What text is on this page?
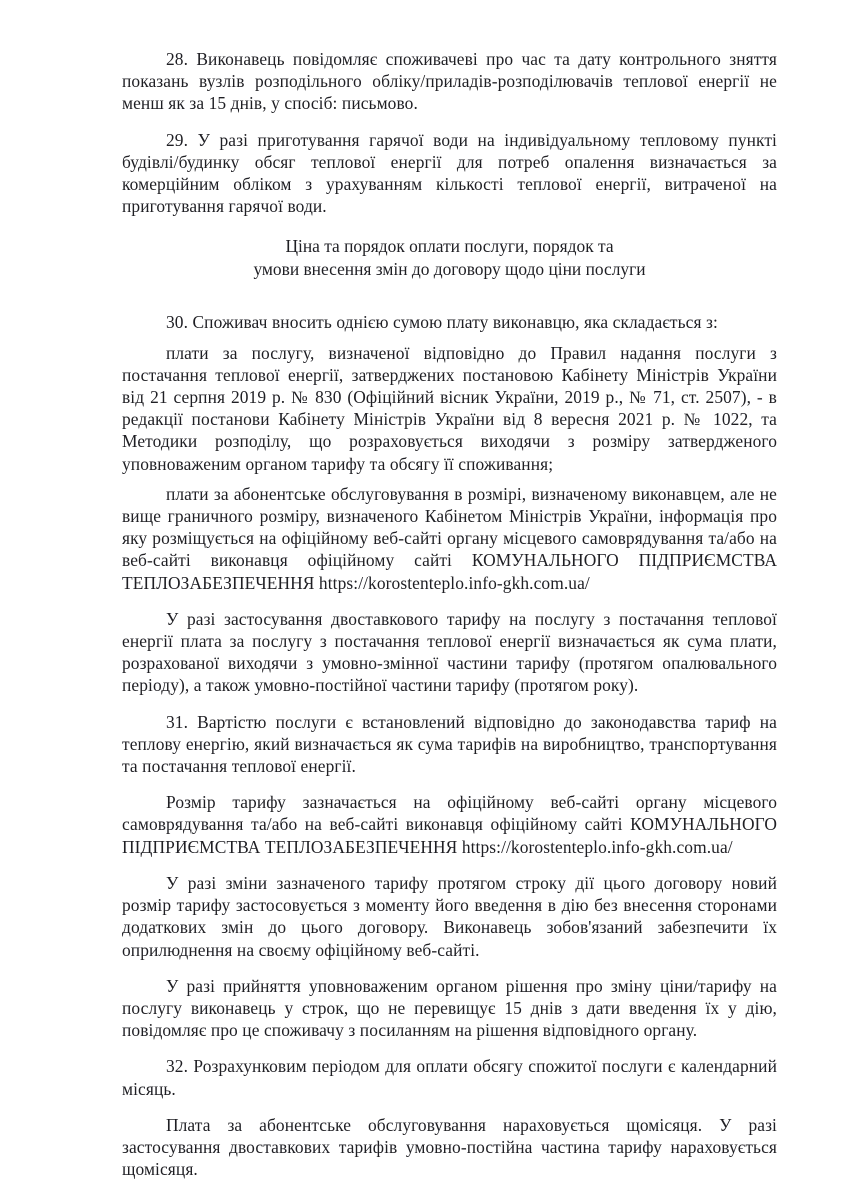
28. Виконавець повідомляє споживачеві про час та дату контрольного зняття показань вузлів розподільного обліку/приладів-розподілювачів теплової енергії не менш як за 15 днів, у спосіб: письмово.

29. У разі приготування гарячої води на індивідуальному тепловому пункті будівлі/будинку обсяг теплової енергії для потреб опалення визначається за комерційним обліком з урахуванням кількості теплової енергії, витраченої на приготування гарячої води.

Ціна та порядок оплати послуги, порядок та
умови внесення змін до договору щодо ціни послуги

30. Споживач вносить однією сумою плату виконавцю, яка складається з:

плати за послугу, визначеної відповідно до Правил надання послуги з постачання теплової енергії, затверджених постановою Кабінету Міністрів України від 21 серпня 2019 р. № 830 (Офіційний вісник України, 2019 р., № 71, ст. 2507), - в редакції постанови Кабінету Міністрів України від 8 вересня 2021 р. № 1022, та Методики розподілу, що розраховується виходячи з розміру затвердженого уповноваженим органом тарифу та обсягу її споживання;

плати за абонентське обслуговування в розмірі, визначеному виконавцем, але не вище граничного розміру, визначеного Кабінетом Міністрів України, інформація про яку розміщується на офіційному веб-сайті органу місцевого самоврядування та/або на веб-сайті виконавця офіційному сайті КОМУНАЛЬНОГО ПІДПРИЄМСТВА ТЕПЛОЗАБЕЗПЕЧЕННЯ https://korostenteplo.info-gkh.com.ua/

У разі застосування двоставкового тарифу на послугу з постачання теплової енергії плата за послугу з постачання теплової енергії визначається як сума плати, розрахованої виходячи з умовно-змінної частини тарифу (протягом опалювального періоду), а також умовно-постійної частини тарифу (протягом року).

31. Вартістю послуги є встановлений відповідно до законодавства тариф на теплову енергію, який визначається як сума тарифів на виробництво, транспортування та постачання теплової енергії.

Розмір тарифу зазначається на офіційному веб-сайті органу місцевого самоврядування та/або на веб-сайті виконавця офіційному сайті КОМУНАЛЬНОГО ПІДПРИЄМСТВА ТЕПЛОЗАБЕЗПЕЧЕННЯ https://korostenteplo.info-gkh.com.ua/

У разі зміни зазначеного тарифу протягом строку дії цього договору новий розмір тарифу застосовується з моменту його введення в дію без внесення сторонами додаткових змін до цього договору. Виконавець зобов'язаний забезпечити їх оприлюднення на своєму офіційному веб-сайті.

У разі прийняття уповноваженим органом рішення про зміну ціни/тарифу на послугу виконавець у строк, що не перевищує 15 днів з дати введення їх у дію, повідомляє про це споживачу з посиланням на рішення відповідного органу.

32. Розрахунковим періодом для оплати обсягу спожитої послуги є календарний місяць.

Плата за абонентське обслуговування нараховується щомісяця. У разі застосування двоставкових тарифів умовно-постійна частина тарифу нараховується щомісяця.
